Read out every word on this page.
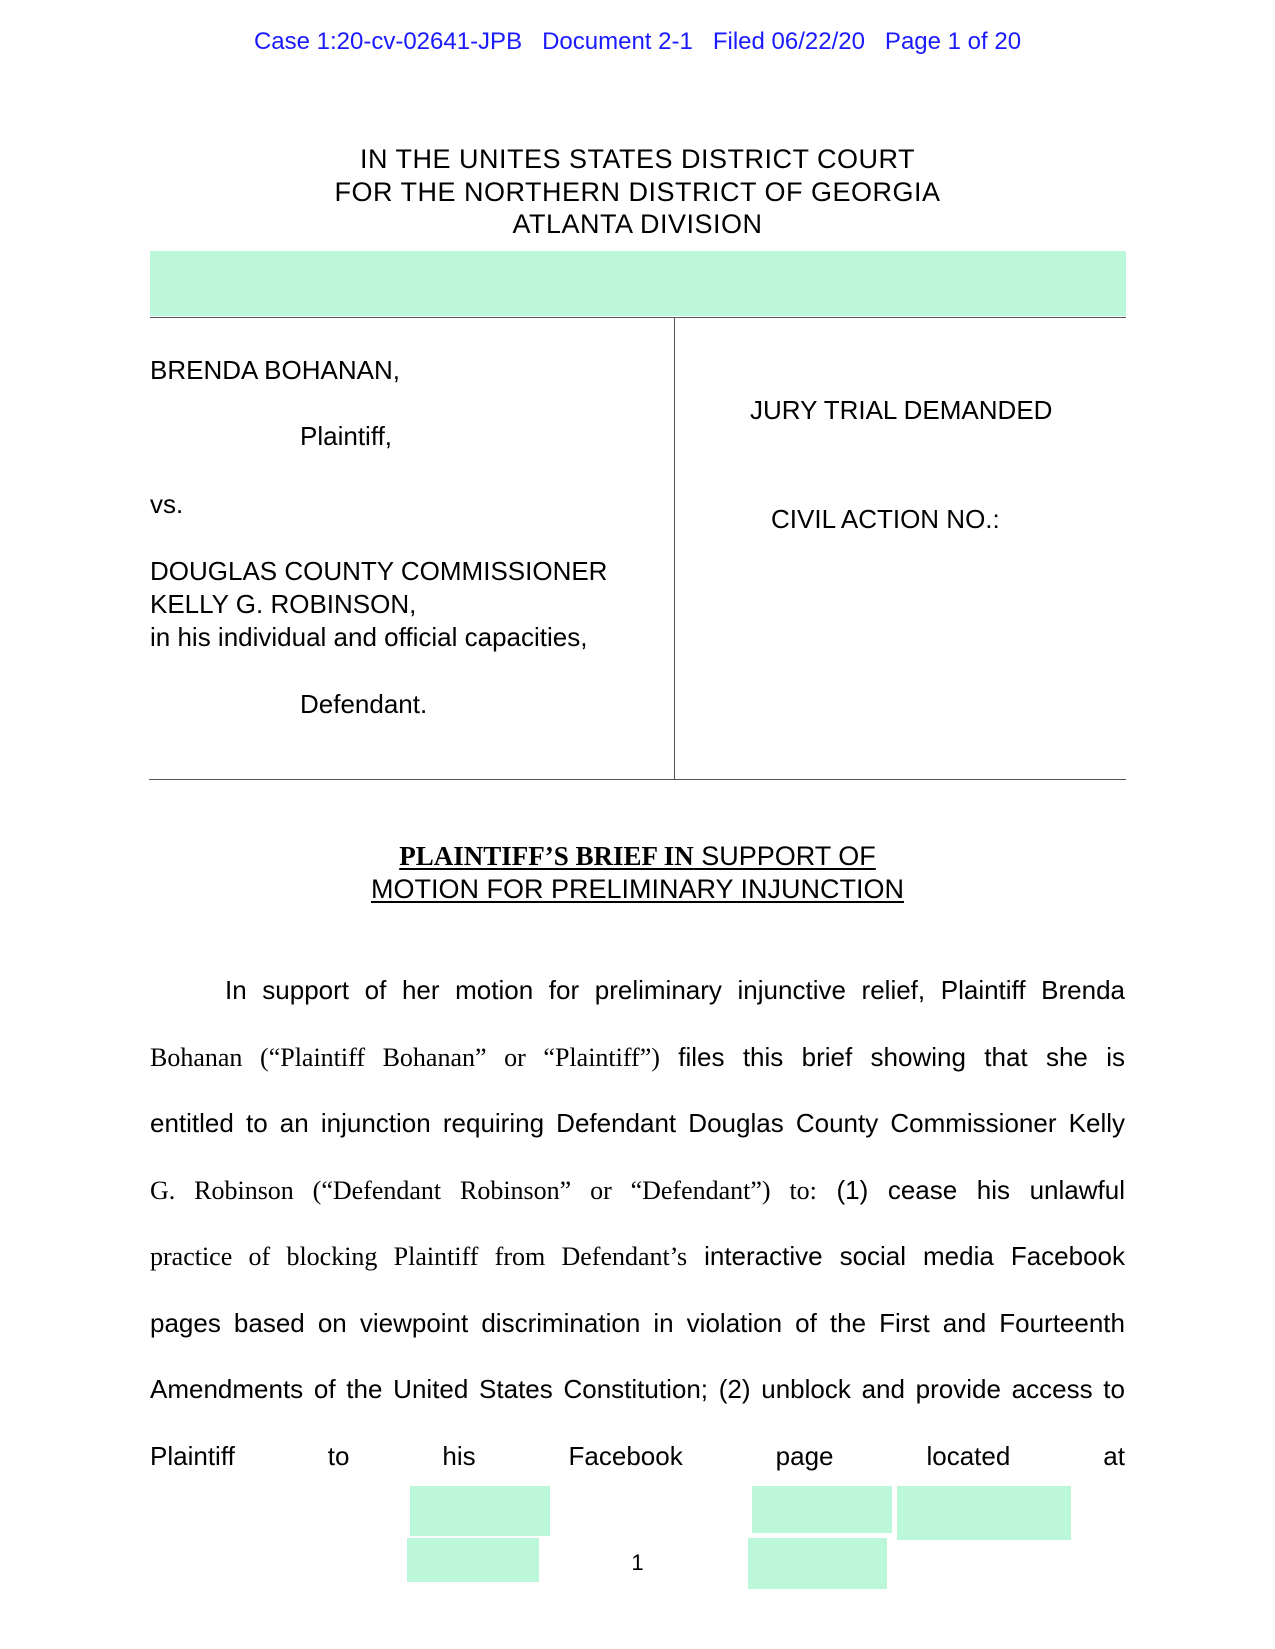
Case 1:20-cv-02641-JPB   Document 2-1   Filed 06/22/20   Page 1 of 20
IN THE UNITES STATES DISTRICT COURT
FOR THE NORTHERN DISTRICT OF GEORGIA
ATLANTA DIVISION
BRENDA BOHANAN,
Plaintiff,
vs.
DOUGLAS COUNTY COMMISSIONER
KELLY G. ROBINSON,
in his individual and official capacities,
Defendant.
JURY TRIAL DEMANDED
CIVIL ACTION NO.:
PLAINTIFF’S BRIEF IN SUPPORT OF
MOTION FOR PRELIMINARY INJUNCTION
In support of her motion for preliminary injunctive relief, Plaintiff Brenda
Bohanan (“Plaintiff Bohanan” or “Plaintiff”) files this brief showing that she is
entitled to an injunction requiring Defendant Douglas County Commissioner Kelly
G. Robinson (“Defendant Robinson” or “Defendant”) to: (1) cease his unlawful
practice of blocking Plaintiff from Defendant’s interactive social media Facebook
pages based on viewpoint discrimination in violation of the First and Fourteenth
Amendments of the United States Constitution; (2) unblock and provide access to
Plaintiff	to	his	Facebook	page	located	at
1
